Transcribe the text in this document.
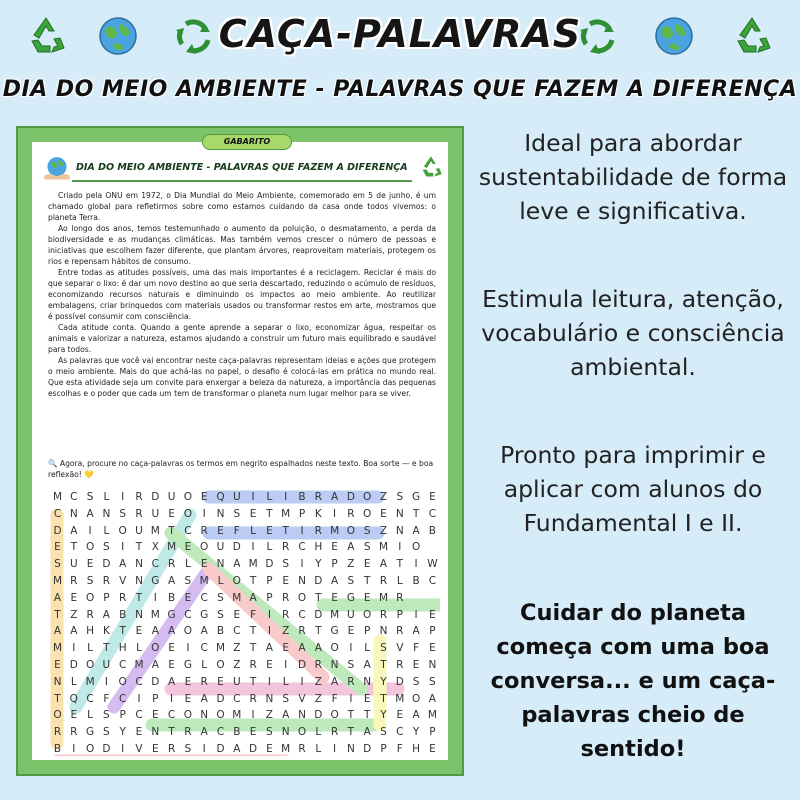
CAÇA-PALAVRAS
DIA DO MEIO AMBIENTE - PALAVRAS QUE FAZEM A DIFERENÇA
GABARITO
DIA DO MEIO AMBIENTE - PALAVRAS QUE FAZEM A DIFERENÇA

Criado pela ONU em 1972, o Dia Mundial do Meio Ambiente, comemorado em 5 de junho, é um chamado global para refletirmos sobre como estamos cuidando da casa onde todos vivemos: o planeta Terra.

Ao longo dos anos, temos testemunhado o aumento da poluição, o desmatamento, a perda da biodiversidade e as mudanças climáticas. Mas também vemos crescer o número de pessoas e iniciativas que escolhem fazer diferente, que plantam árvores, reaproveitam materiais, protegem os rios e repensam hábitos de consumo.

Entre todas as atitudes possíveis, uma das mais importantes é a reciclagem. Reciclar é mais do que separar o lixo: é dar um novo destino ao que seria descartado, reduzindo o acúmulo de resíduos, economizando recursos naturais e diminuindo os impactos ao meio ambiente. Ao reutilizar embalagens, criar brinquedos com materiais usados ou transformar restos em arte, mostramos que é possível consumir com consciência.

Cada atitude conta. Quando a gente aprende a separar o lixo, economizar água, respeitar os animais e valorizar a natureza, estamos ajudando a construir um futuro mais equilibrado e saudável para todos.

As palavras que você vai encontrar neste caça-palavras representam ideias e ações que protegem o meio ambiente. Mais do que achá-las no papel, o desafio é colocá-las em prática no mundo real. Que esta atividade seja um convite para enxergar a beleza da natureza, a importância das pequenas escolhas e o poder que cada um tem de transformar o planeta num lugar melhor para se viver.

🔍 Agora, procure no caça-palavras os termos em negrito espalhados neste texto. Boa sorte — e boa reflexão! 💛
M C S L	I	R D U O E Q U	I	L	I	B R A D O Z S G E
C N A N S R U E O	I	N S E T M P K	I	R O E N T C
D A	I	L O U M T C R E F L E T	I	R M O S Z N A B
E T O S	I	T X M E O U D	I	L R C H E A S M I	O
S U E D A N C R L E N A M D S	I	Y P Z E A T	I W
M R S R V N G A S M L O T P E N D A S T R L B C
A E O P R T	I	B E C S M A P R O T E G E M R
T Z R A B N M G C G S E F	I	R C D M U O R P	I	E
A A H K T E A A O A B C T	I	Z R T G E P N R A P
M I	L T H L O E	I	C M Z T A E A A O	I	L S V F E
E D O U C M A E G L O Z R E	I	D R N S A T R E N
N L M I	O C D A E R E U T	I	L	I	Z A R N Y D S S
T Q C F C	I	P	I	E A D C R N S V Z F	I	E T M O A
O E L S P C E C O N O M I	Z A N D O T T Y E A M
R R G S Y E N T R A C B E S N O L R T A S C Y P
B	I	O D	I	V E R S	I	D A D E M R L	I	N D P F H E
Ideal para abordar sustentabilidade de forma leve e significativa.
Estimula leitura, atenção, vocabulário e consciência ambiental.
Pronto para imprimir e aplicar com alunos do Fundamental I e II.
Cuidar do planeta começa com uma boa conversa... e um caça-palavras cheio de sentido!
